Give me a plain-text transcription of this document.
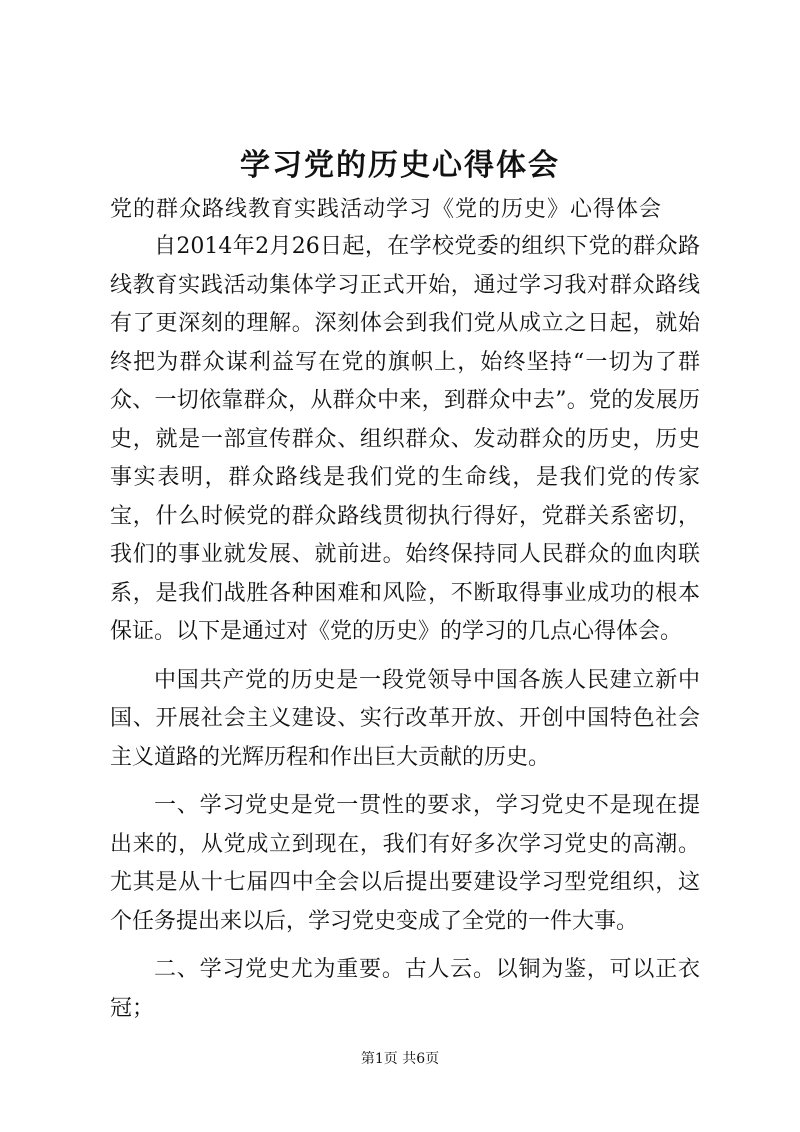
学习党的历史心得体会
党的群众路线教育实践活动学习《党的历史》心得体会

自2014年2月26日起，在学校党委的组织下党的群众路线教育实践活动集体学习正式开始，通过学习我对群众路线有了更深刻的理解。深刻体会到我们党从成立之日起，就始终把为群众谋利益写在党的旗帜上，始终坚持“一切为了群众、一切依靠群众，从群众中来，到群众中去”。党的发展历史，就是一部宣传群众、组织群众、发动群众的历史，历史事实表明，群众路线是我们党的生命线，是我们党的传家宝，什么时候党的群众路线贯彻执行得好，党群关系密切，我们的事业就发展、就前进。始终保持同人民群众的血肉联系，是我们战胜各种困难和风险，不断取得事业成功的根本保证。以下是通过对《党的历史》的学习的几点心得体会。

中国共产党的历史是一段党领导中国各族人民建立新中国、开展社会主义建设、实行改革开放、开创中国特色社会主义道路的光辉历程和作出巨大贡献的历史。

一、学习党史是党一贯性的要求，学习党史不是现在提出来的，从党成立到现在，我们有好多次学习党史的高潮。尤其是从十七届四中全会以后提出要建设学习型党组织，这个任务提出来以后，学习党史变成了全党的一件大事。

二、学习党史尤为重要。古人云。以铜为鉴，可以正衣冠；

第1页 共6页
